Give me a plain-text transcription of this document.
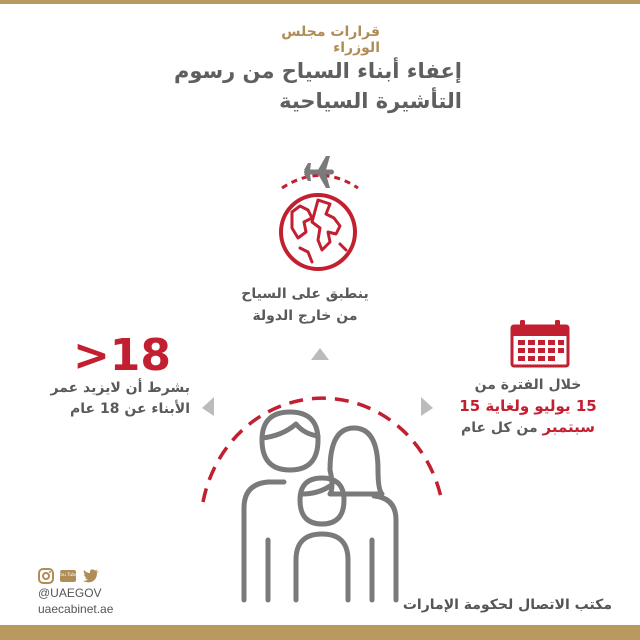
قرارات مجلس الوزراء
إعفاء أبناء السياح من رسوم
التأشيرة السياحية
ينطبق على السياح
من خارج الدولة
>18
بشرط أن لايزيد عمر
الأبناء عن 18 عام
خلال الفترة من
15 يوليو ولغاية 15
سبتمبر من كل عام
You Tube
@UAEGOV
uaecabinet.ae	مكتب الاتصال لحكومة الإمارات
